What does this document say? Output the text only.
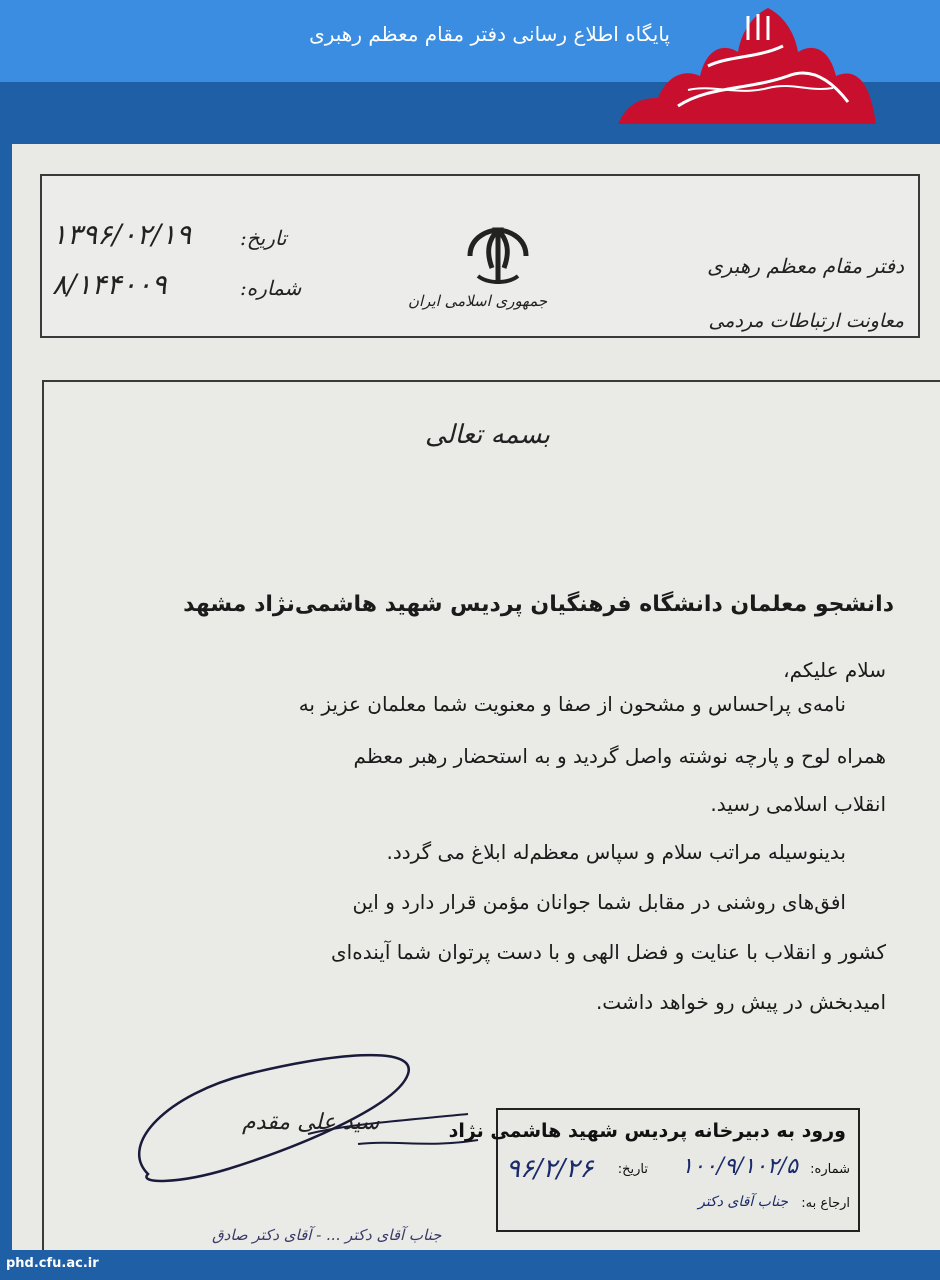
پایگاه اطلاع رسانی دفتر مقام معظم رهبری
دفتر مقام معظم رهبری
معاونت ارتباطات مردمی
تاریخ:
۱۳۹۶/۰۲/۱۹
شماره:
۸/۱۴۴۰۰۹	جمهوری اسلامی ایران
بسمه تعالی
دانشجو معلمان دانشگاه فرهنگیان پردیس شهید هاشمی‌نژاد مشهد
سلام علیکم،
نامه‌ی پراحساس و مشحون از صفا و معنویت شما معلمان عزیز به
همراه لوح و پارچه نوشته واصل گردید و به استحضار رهبر معظم
انقلاب اسلامی رسید.
بدینوسیله مراتب سلام و سپاس معظم‌له ابلاغ می گردد.
افق‌های روشنی در مقابل شما جوانان مؤمن قرار دارد و این
کشور و انقلاب با عنایت و فضل الهی و با دست پرتوان شما آینده‌ای
امیدبخش در پیش رو خواهد داشت.
سید علی مقدم	ورود به دبیرخانه پردیس شهید هاشمی نژاد
شماره:
۱۰۰/۹/۱۰۲/۵
تاریخ:
۹۶/۲/۲۶
ارجاع به:
جناب آقای دکتر
جناب آقای دکتر ... - آقای دکتر صادق
phd.cfu.ac.ir
